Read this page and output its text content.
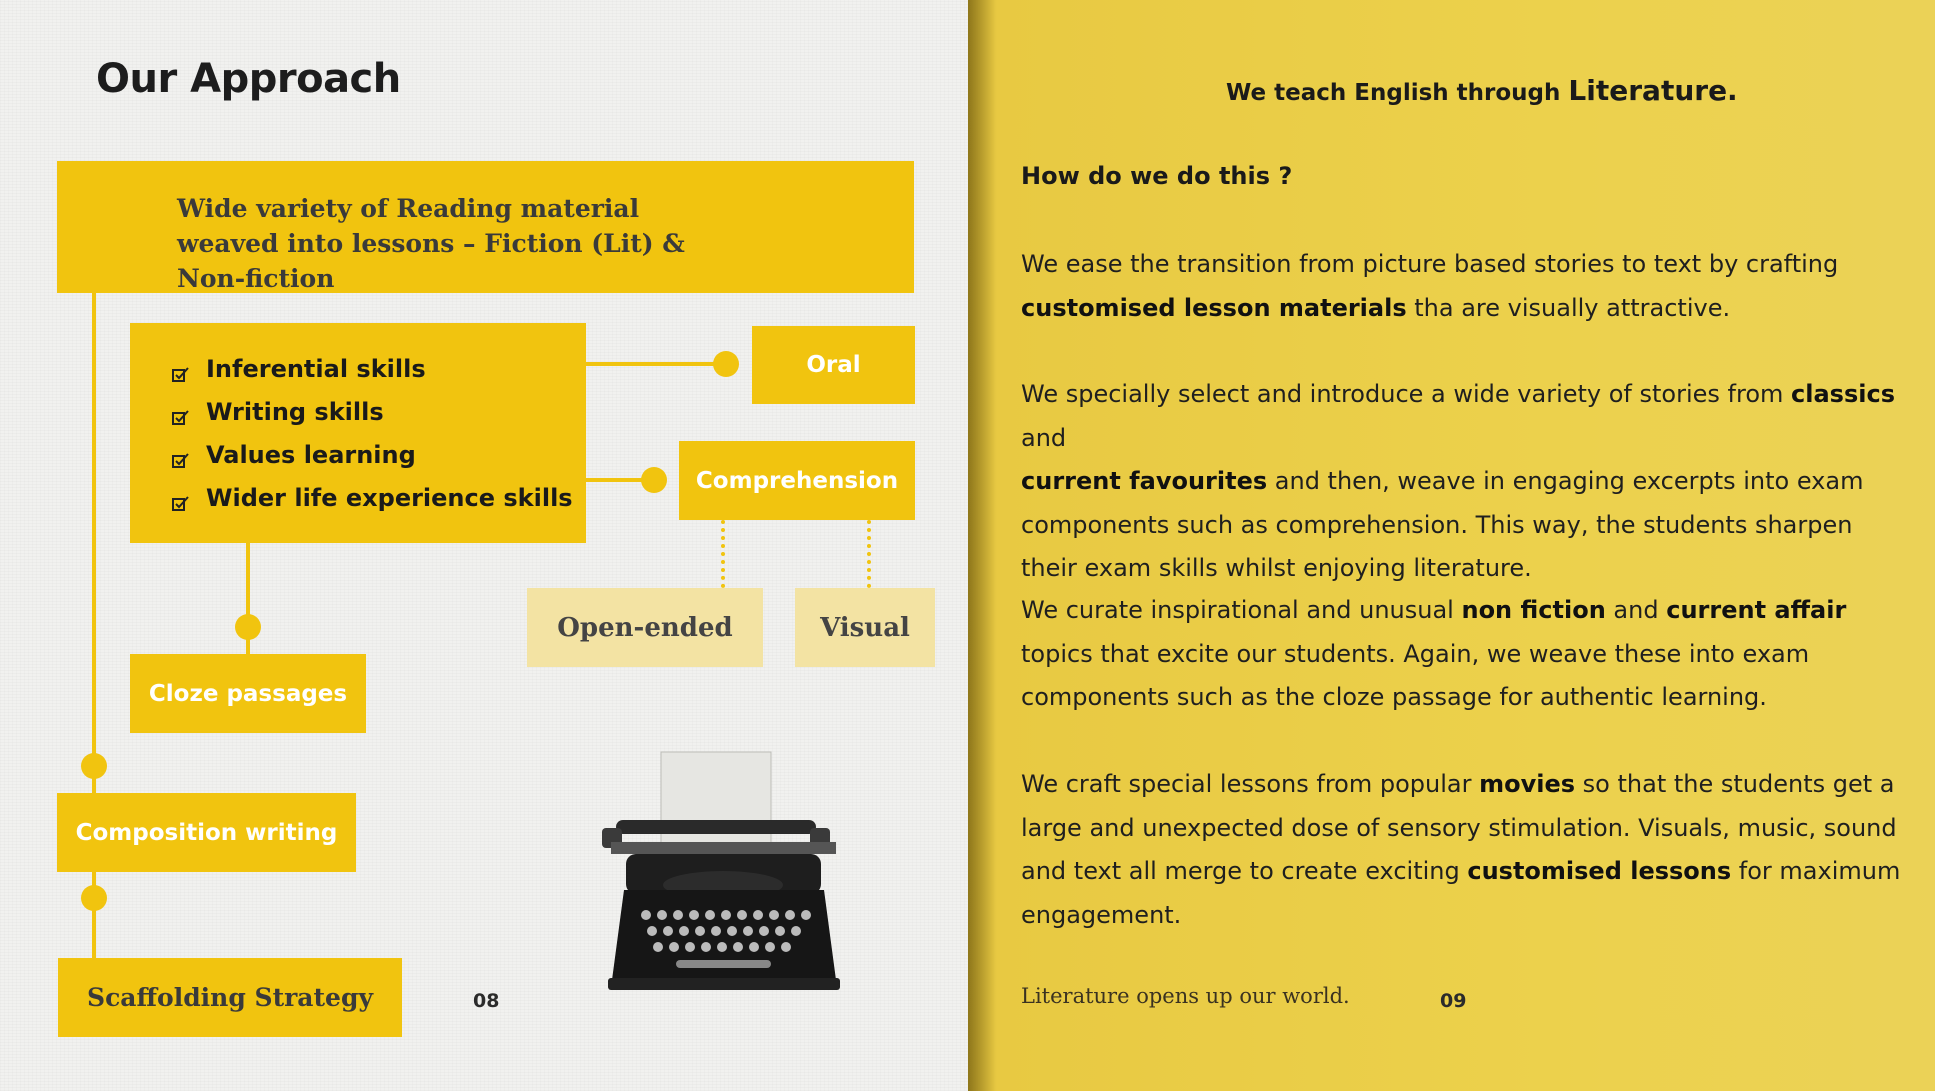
Our Approach
Wide variety of Reading material weaved into lessons – Fiction (Lit) & Non-fiction
Inferential skills
Writing skills
Values learning
Wider life experience skills
Oral
Comprehension
Open-ended	Visual
Cloze passages
Composition writing
Scaffolding Strategy	08
We teach English through Literature.
How do we do this ?
We ease the transition from picture based stories to text by crafting
customised lesson materials tha are visually attractive.
We specially select and introduce a wide variety of stories from classics and
current favourites and then, weave in engaging excerpts into exam components such as comprehension. This way, the students sharpen their exam skills whilst enjoying literature.
We curate inspirational and unusual non fiction and current affair topics that excite our students. Again, we weave these into exam components such as the cloze passage for authentic learning.
We craft special lessons from popular movies so that the students get a large and unexpected dose of sensory stimulation. Visuals, music, sound and text all merge to create exciting customised lessons for maximum engagement.
Literature opens up our world.	09
